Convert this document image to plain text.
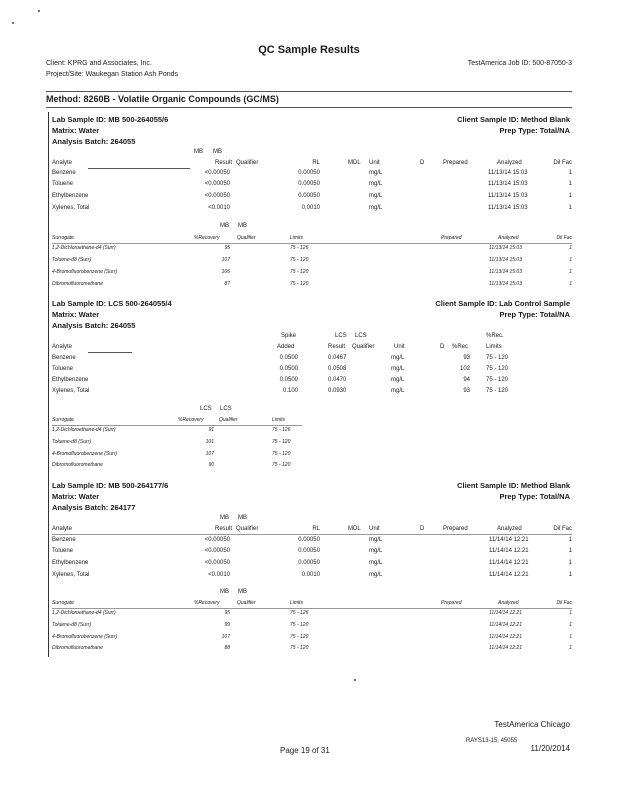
QC Sample Results
Client: KPRG and Associates, Inc.
Project/Site: Waukegan Station Ash Ponds
TestAmerica Job ID: 500-87050-3
Method: 8260B - Volatile Organic Compounds (GC/MS)
Lab Sample ID: MB 500-264055/6
Matrix: Water
Analysis Batch: 264055
Client Sample ID: Method Blank
Prep Type: Total/NA
MB MB
Analyte	Result Qualifier	RL	MDL Unit	D	Prepared	Analyzed	Dil Fac
Benzene	<0.00050	0.00050	mg/L	11/13/14 15:03	1
Toluene	<0.00050	0.00050	mg/L	11/13/14 15:03	1
Ethylbenzene	<0.00050	0.00050	mg/L	11/13/14 15:03	1
Xylenes, Total	<0.0010	0.0010	mg/L	11/13/14 15:03	1
MB MB
Surrogate	%Recovery	Qualifier	Limits	Prepared	Analyzed	Dil Fac
1,2-Dichloroethane-d4 (Surr)	95	75 - 126	11/13/14 15:03	1
Toluene-d8 (Surr)	107	75 - 120	11/13/14 15:03	1
4-Bromofluorobenzene (Surr)	106	75 - 120	11/13/14 15:03	1
Dibromofluoromethane	87	75 - 120	11/13/14 15:03	1
Lab Sample ID: LCS 500-264055/4
Matrix: Water
Analysis Batch: 264055
Client Sample ID: Lab Control Sample
Prep Type: Total/NA
Spike	LCS LCS	%Rec.
Analyte	Added	Result Qualifier	Unit	D %Rec	Limits
Benzene	0.0500	0.0467	mg/L	93	75 - 120
Toluene	0.0500	0.0508	mg/L	102	75 - 120
Ethylbenzene	0.0500	0.0470	mg/L	94	75 - 120
Xylenes, Total	0.100	0.0930	mg/L	93	75 - 120
LCS LCS
Surrogate	%Recovery	Qualifier	Limits
1,2-Dichloroethane-d4 (Surr)	91	75 - 126
Toluene-d8 (Surr)	101	75 - 120
4-Bromofluorobenzene (Surr)	107	75 - 120
Dibromofluoromethane	90	75 - 120
Lab Sample ID: MB 500-264177/6
Matrix: Water
Analysis Batch: 264177
Client Sample ID: Method Blank
Prep Type: Total/NA
MB MB
Analyte	Result Qualifier	RL	MDL Unit	D	Prepared	Analyzed	Dil Fac
Benzene	<0.00050	0.00050	mg/L	11/14/14 12:21	1
Toluene	<0.00050	0.00050	mg/L	11/14/14 12:21	1
Ethylbenzene	<0.00050	0.00050	mg/L	11/14/14 12:21	1
Xylenes, Total	<0.0010	0.0010	mg/L	11/14/14 12:21	1
MB MB
Surrogate	%Recovery	Qualifier	Limits	Prepared	Analyzed	Dil Fac
1,2-Dichloroethane-d4 (Surr)	95	75 - 126	11/14/14 12:21	1
Toluene-d8 (Surr)	99	75 - 120	11/14/14 12:21	1
4-Bromofluorobenzene (Surr)	107	75 - 120	11/14/14 12:21	1
Dibromofluoromethane	88	75 - 120	11/14/14 12:21	1
TestAmerica Chicago
Page 19 of 31
RAYS13-15, 45055
11/20/2014
